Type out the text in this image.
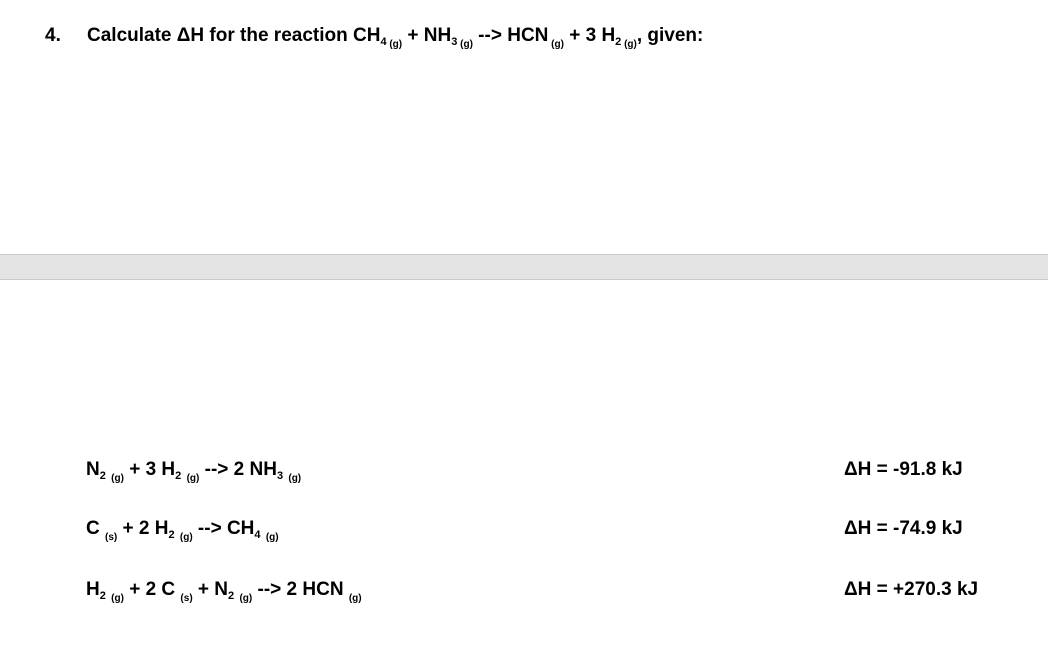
4. Calculate ΔH for the reaction $CH_4$ $_{(g)} + NH_3$ $_{(g)}$ --> HCN $_{(g)}$ + 3 $H_2$ $_{(g)}$, given:
$N_2$ $_{(g)}$ + 3 $H_2$ $_{(g)}$ --> 2 $NH_3$ $_{(g)}$	ΔH = -91.8 kJ
C $_{(s)}$ + 2 $H_2$ $_{(g)}$ --> $CH_4$ $_{(g)}$	ΔH = -74.9 kJ
$H_2$ $_{(g)}$ + 2 C $_{(s)} + N_2$ $_{(g)}$ --> 2 HCN $_{(g)}$	ΔH = +270.3 kJ
